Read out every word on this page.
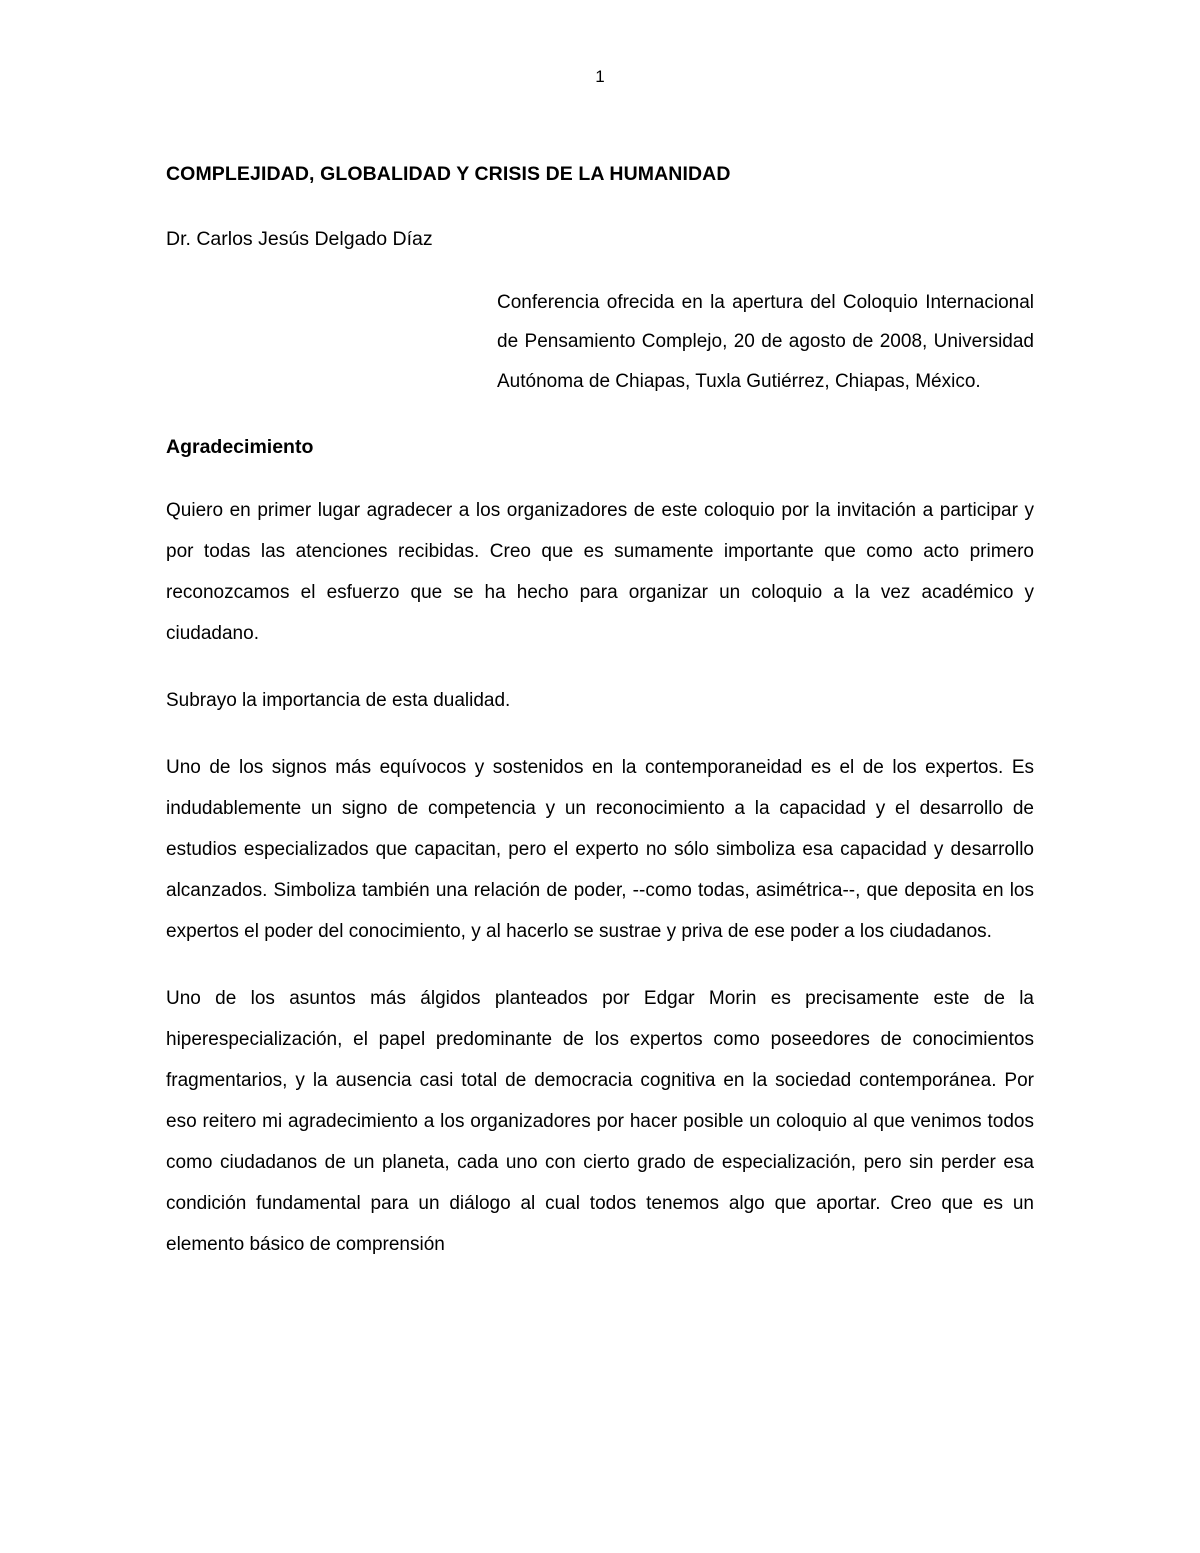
1
COMPLEJIDAD, GLOBALIDAD Y CRISIS DE LA HUMANIDAD

Dr. Carlos Jesús Delgado Díaz

Conferencia ofrecida en la apertura del Coloquio Internacional de Pensamiento Complejo, 20 de agosto de 2008, Universidad Autónoma de Chiapas, Tuxla Gutiérrez, Chiapas, México.

Agradecimiento

Quiero en primer lugar agradecer a los organizadores de este coloquio por la invitación a participar y por todas las atenciones recibidas. Creo que es sumamente importante que como acto primero reconozcamos el esfuerzo que se ha hecho para organizar un coloquio a la vez académico y ciudadano.

Subrayo la importancia de esta dualidad.

Uno de los signos más equívocos y sostenidos en la contemporaneidad es el de los expertos. Es indudablemente un signo de competencia y un reconocimiento a la capacidad y el desarrollo de estudios especializados que capacitan, pero el experto no sólo simboliza esa capacidad y desarrollo alcanzados. Simboliza también una relación de poder, --como todas, asimétrica--, que deposita en los expertos el poder del conocimiento, y al hacerlo se sustrae y priva de ese poder a los ciudadanos.

Uno de los asuntos más álgidos planteados por Edgar Morin es precisamente este de la hiperespecialización, el papel predominante de los expertos como poseedores de conocimientos fragmentarios, y la ausencia casi total de democracia cognitiva en la sociedad contemporánea. Por eso reitero mi agradecimiento a los organizadores por hacer posible un coloquio al que venimos todos como ciudadanos de un planeta, cada uno con cierto grado de especialización, pero sin perder esa condición fundamental para un diálogo al cual todos tenemos algo que aportar. Creo que es un elemento básico de comprensión
